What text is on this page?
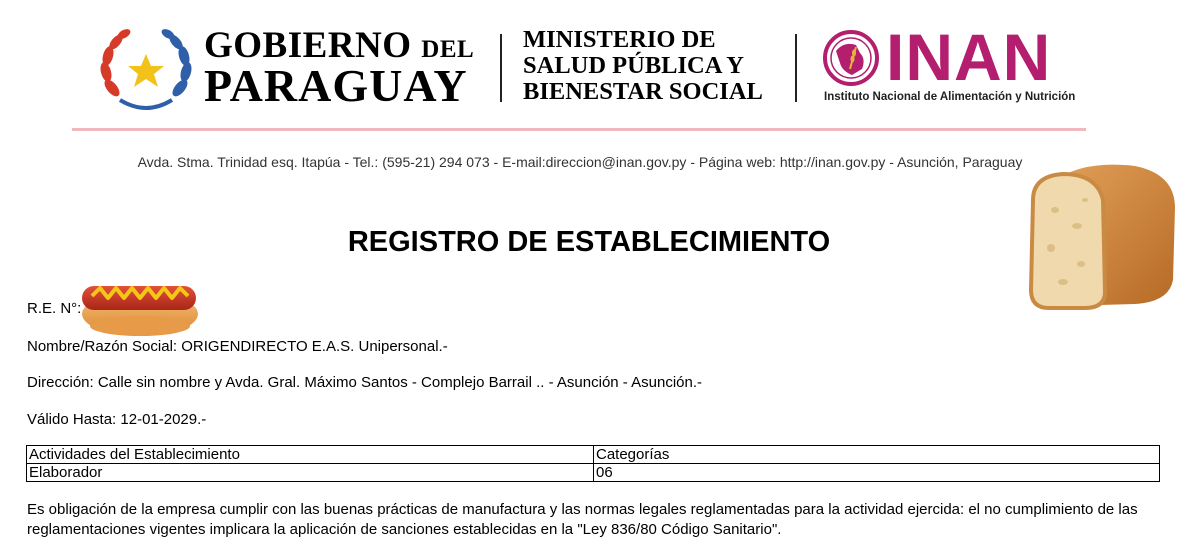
GOBIERNO DEL
PARAGUAY
MINISTERIO DE
SALUD PÚBLICA Y
BIENESTAR SOCIAL INAN
Instituto Nacional de Alimentación y Nutrición
Avda. Stma. Trinidad esq. Itapúa - Tel.: (595-21) 294 073 - E-mail:direccion@inan.gov.py - Página web: http://inan.gov.py - Asunción, Paraguay
REGISTRO DE ESTABLECIMIENTO
R.E. N°:
Nombre/Razón Social: ORIGENDIRECTO E.A.S. Unipersonal.-
Dirección: Calle sin nombre y Avda. Gral. Máximo Santos - Complejo Barrail .. - Asunción - Asunción.-
Válido Hasta: 12-01-2029.-
Actividades del Establecimiento	Categorías
Elaborador	06
Es obligación de la empresa cumplir con las buenas prácticas de manufactura y las normas legales reglamentadas para la actividad ejercida: el no cumplimiento de las reglamentaciones vigentes implicara la aplicación de sanciones establecidas en la "Ley 836/80 Código Sanitario".
